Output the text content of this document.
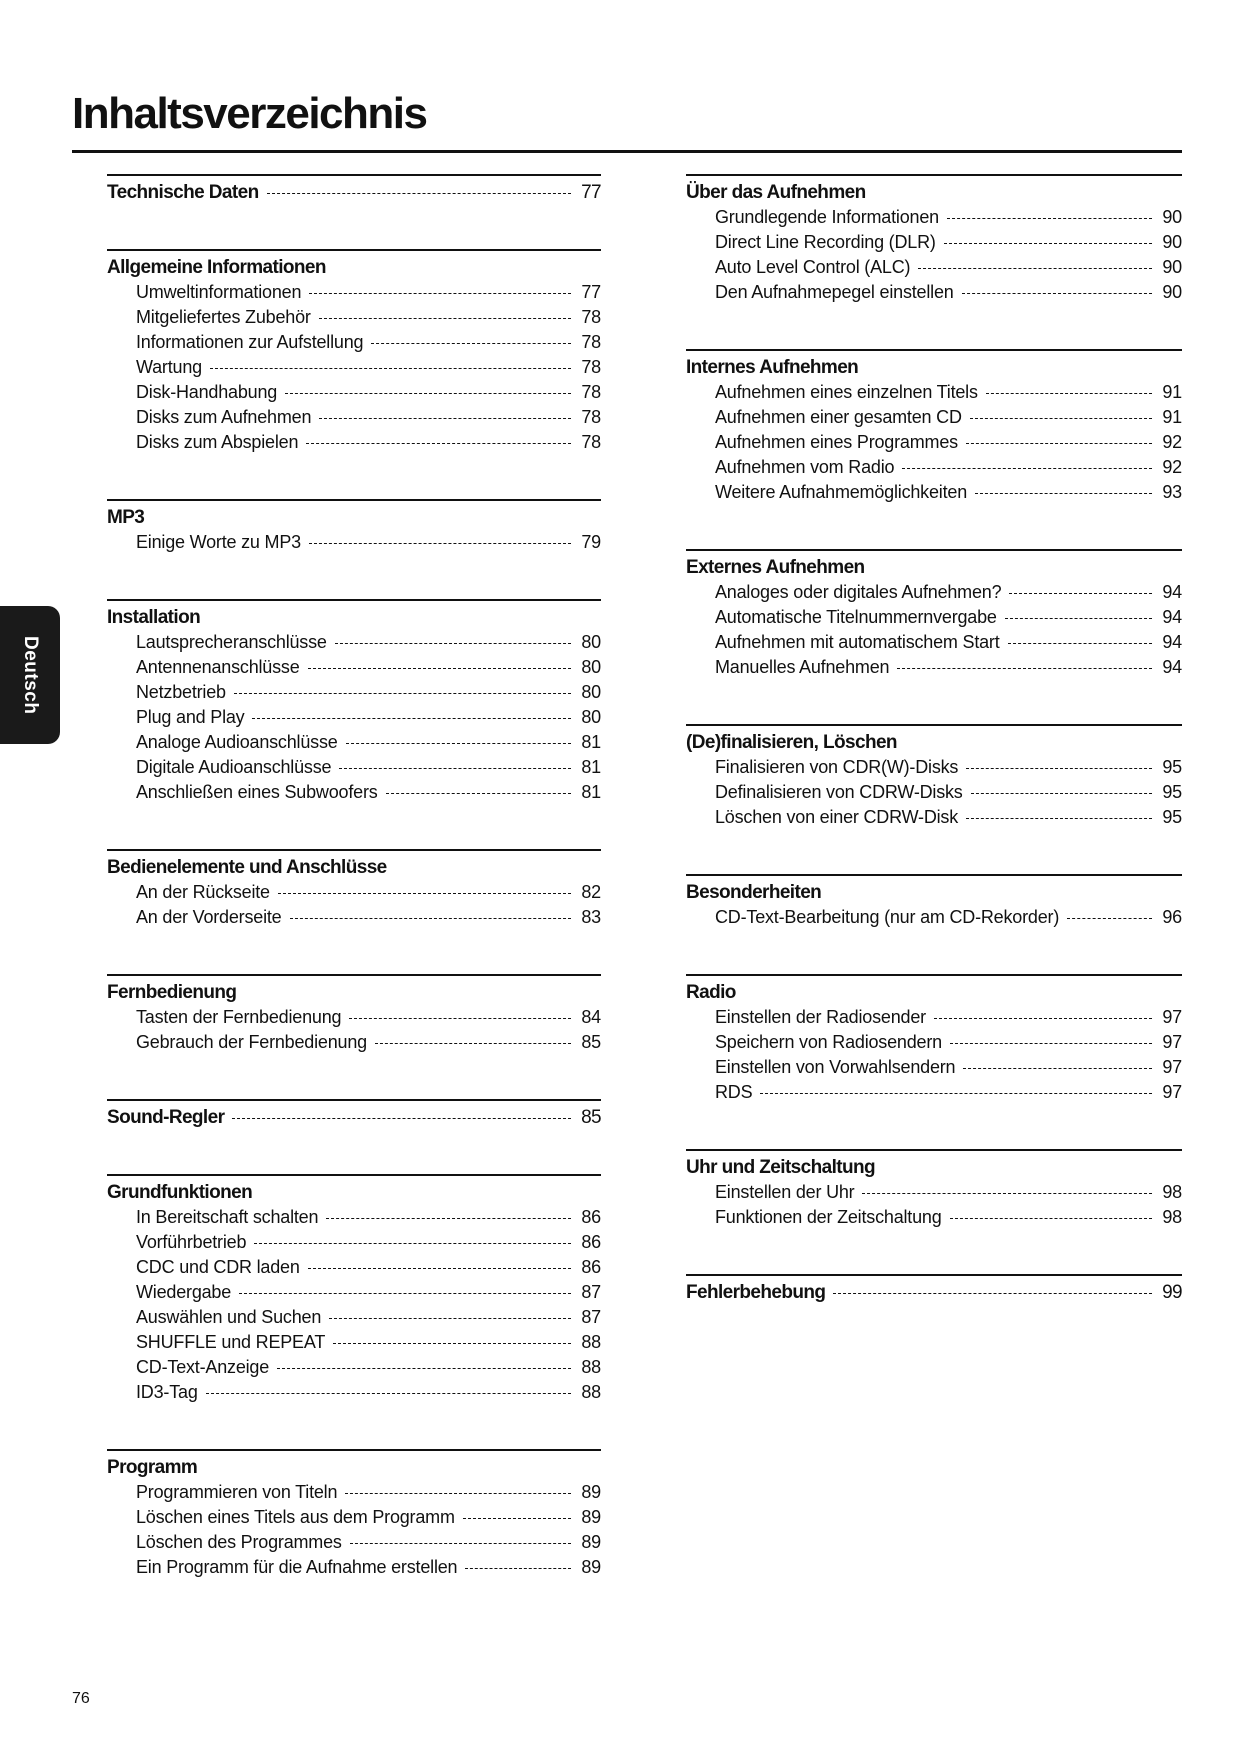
Inhaltsverzeichnis
Technische Daten	77
Allgemeine Informationen
Umweltinformationen	77
Mitgeliefertes Zubehör	78
Informationen zur Aufstellung	78
Wartung	78
Disk-Handhabung	78
Disks zum Aufnehmen	78
Disks zum Abspielen	78
MP3
Einige Worte zu MP3	79
Installation
Lautsprecheranschlüsse	80
Antennenanschlüsse	80
Netzbetrieb	80
Plug and Play	80
Analoge Audioanschlüsse	81
Digitale Audioanschlüsse	81
Anschließen eines Subwoofers	81
Bedienelemente und Anschlüsse
An der Rückseite	82
An der Vorderseite	83
Fernbedienung
Tasten der Fernbedienung	84
Gebrauch der Fernbedienung	85
Sound-Regler	85
Grundfunktionen
In Bereitschaft schalten	86
Vorführbetrieb	86
CDC und CDR laden	86
Wiedergabe	87
Auswählen und Suchen	87
SHUFFLE und REPEAT	88
CD-Text-Anzeige	88
ID3-Tag	88
Programm
Programmieren von Titeln	89
Löschen eines Titels aus dem Programm	89
Löschen des Programmes	89
Ein Programm für die Aufnahme erstellen	89
Über das Aufnehmen
Grundlegende Informationen	90
Direct Line Recording (DLR)	90
Auto Level Control (ALC)	90
Den Aufnahmepegel einstellen	90
Internes Aufnehmen
Aufnehmen eines einzelnen Titels	91
Aufnehmen einer gesamten CD	91
Aufnehmen eines Programmes	92
Aufnehmen vom Radio	92
Weitere Aufnahmemöglichkeiten	93
Externes Aufnehmen
Analoges oder digitales Aufnehmen?	94
Automatische Titelnummernvergabe	94
Aufnehmen mit automatischem Start	94
Manuelles Aufnehmen	94
(De)finalisieren, Löschen
Finalisieren von CDR(W)-Disks	95
Definalisieren von CDRW-Disks	95
Löschen von einer CDRW-Disk	95
Besonderheiten
CD-Text-Bearbeitung (nur am CD-Rekorder)	96
Radio
Einstellen der Radiosender	97
Speichern von Radiosendern	97
Einstellen von Vorwahlsendern	97
RDS	97
Uhr und Zeitschaltung
Einstellen der Uhr	98
Funktionen der Zeitschaltung	98
Fehlerbehebung	99
Deutsch
76
